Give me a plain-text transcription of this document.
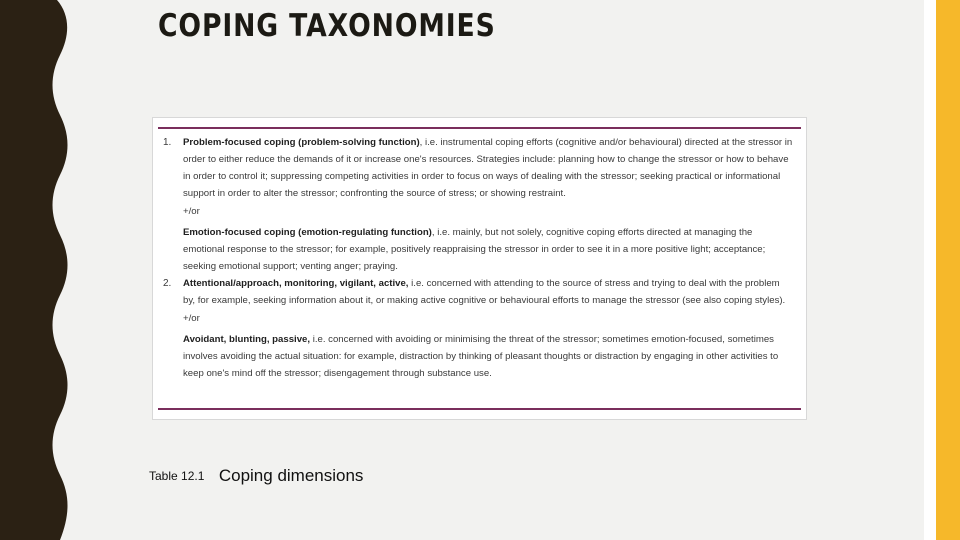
COPING TAXONOMIES
1.	Problem-focused coping (problem-solving function), i.e. instrumental coping efforts (cognitive and/or behavioural) directed at the stressor in order to either reduce the demands of it or increase one's resources. Strategies include: planning how to change the stressor or how to behave in order to control it; suppressing competing activities in order to focus on ways of dealing with the stressor; seeking practical or informational support in order to alter the stressor; confronting the source of stress; or showing restraint.
+/or
Emotion-focused coping (emotion-regulating function), i.e. mainly, but not solely, cognitive coping efforts directed at managing the emotional response to the stressor; for example, positively reappraising the stressor in order to see it in a more positive light; acceptance; seeking emotional support; venting anger; praying.
2.	Attentional/approach, monitoring, vigilant, active, i.e. concerned with attending to the source of stress and trying to deal with the problem by, for example, seeking information about it, or making active cognitive or behavioural efforts to manage the stressor (see also coping styles).
+/or
Avoidant, blunting, passive, i.e. concerned with avoiding or minimising the threat of the stressor; sometimes emotion-focused, sometimes involves avoiding the actual situation: for example, distraction by thinking of pleasant thoughts or distraction by engaging in other activities to keep one's mind off the stressor; disengagement through substance use.
Table 12.1 Coping dimensions
